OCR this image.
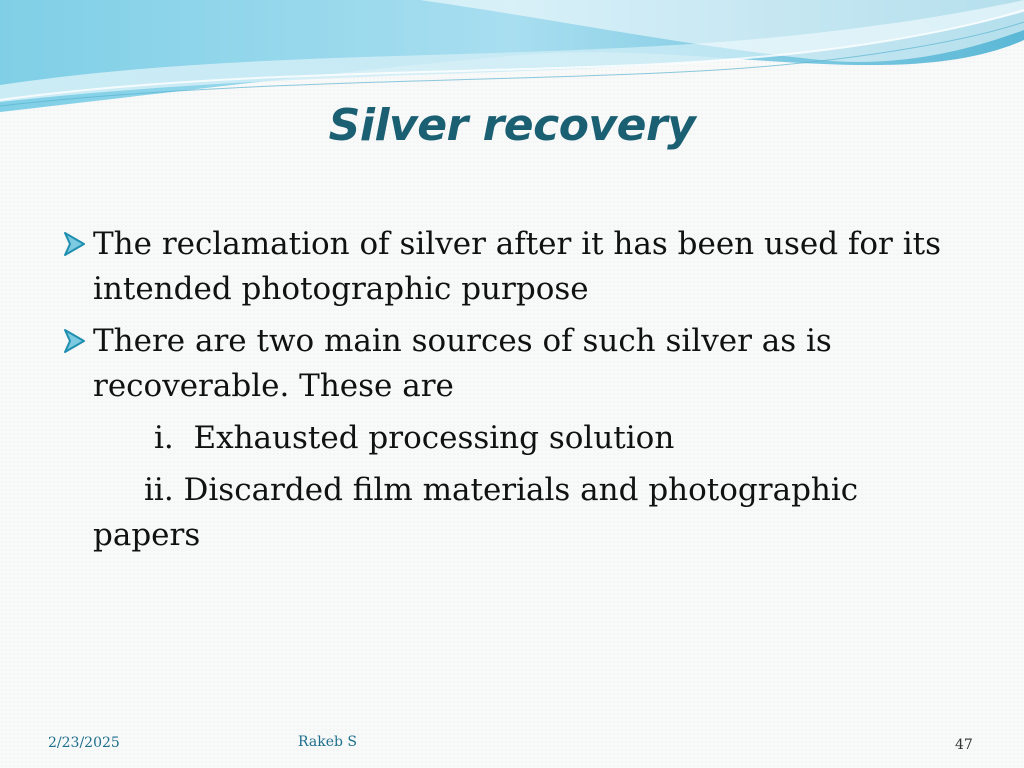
Silver recovery
The reclamation of silver after it has been used for its intended photographic purpose
There are two main sources of such silver as is recoverable. These are
i.  Exhausted processing solution
ii. Discarded film materials and photographic
papers
2/23/2025	Rakeb S	47
